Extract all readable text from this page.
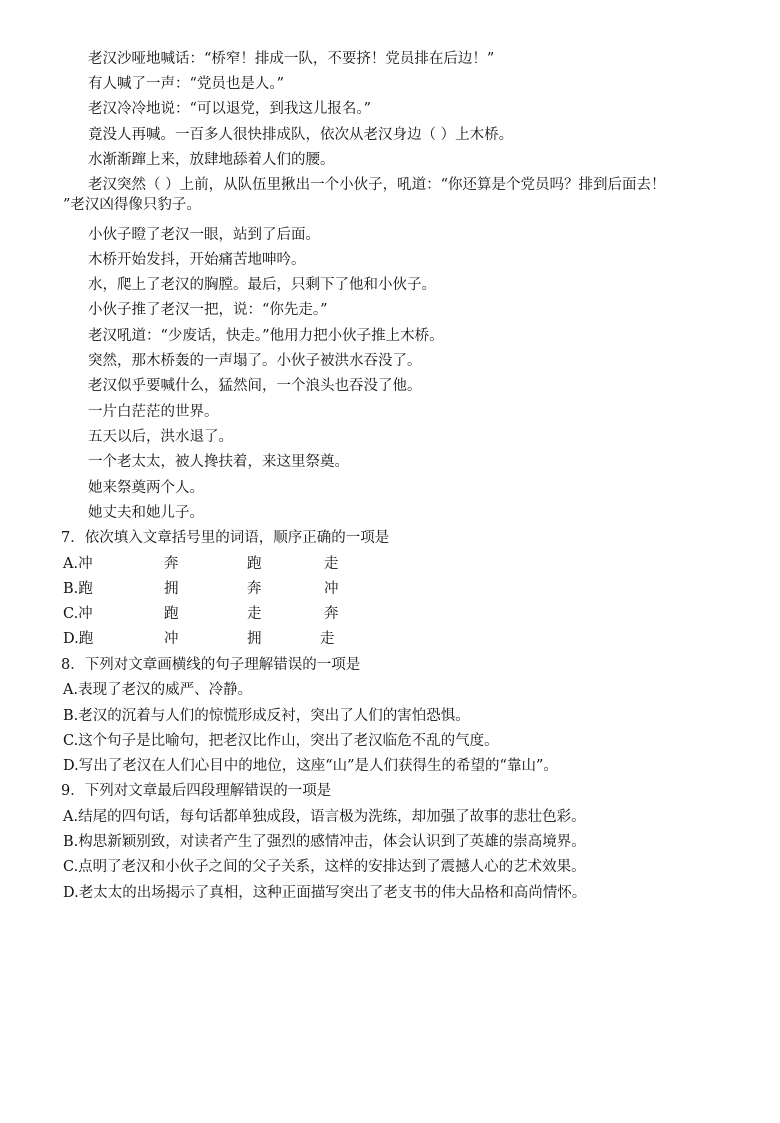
老汉沙哑地喊话：“桥窄！排成一队，不要挤！党员排在后边！”
有人喊了一声：“党员也是人。”
老汉冷冷地说：“可以退党，到我这儿报名。”
竟没人再喊。一百多人很快排成队，依次从老汉身边（ ）上木桥。
水渐渐蹿上来，放肆地舔着人们的腰。
老汉突然（ ）上前，从队伍里揪出一个小伙子，吼道：“你还算是个党员吗？排到后面去！
”老汉凶得像只豹子。
小伙子瞪了老汉一眼，站到了后面。
木桥开始发抖，开始痛苦地呻吟。
水，爬上了老汉的胸膛。最后，只剩下了他和小伙子。
小伙子推了老汉一把，说：“你先走。”
老汉吼道：“少废话，快走。”他用力把小伙子推上木桥。
突然，那木桥轰的一声塌了。小伙子被洪水吞没了。
老汉似乎要喊什么，猛然间，一个浪头也吞没了他。
一片白茫茫的世界。
五天以后，洪水退了。
一个老太太，被人搀扶着，来这里祭奠。
她来祭奠两个人。
她丈夫和她儿子。
7．依次填入文章括号里的词语，顺序正确的一项是
A.冲	奔	跑	走
B.跑	拥	奔	冲
C.冲	跑	走	奔
D.跑	冲	拥	走
8．下列对文章画横线的句子理解错误的一项是
A.表现了老汉的威严、冷静。
B.老汉的沉着与人们的惊慌形成反衬，突出了人们的害怕恐惧。
C.这个句子是比喻句，把老汉比作山，突出了老汉临危不乱的气度。
D.写出了老汉在人们心目中的地位，这座“山”是人们获得生的希望的“靠山”。
9．下列对文章最后四段理解错误的一项是
A.结尾的四句话，每句话都单独成段，语言极为洗练，却加强了故事的悲壮色彩。
B.构思新颖别致，对读者产生了强烈的感情冲击，体会认识到了英雄的崇高境界。
C.点明了老汉和小伙子之间的父子关系，这样的安排达到了震撼人心的艺术效果。
D.老太太的出场揭示了真相，这种正面描写突出了老支书的伟大品格和高尚情怀。
